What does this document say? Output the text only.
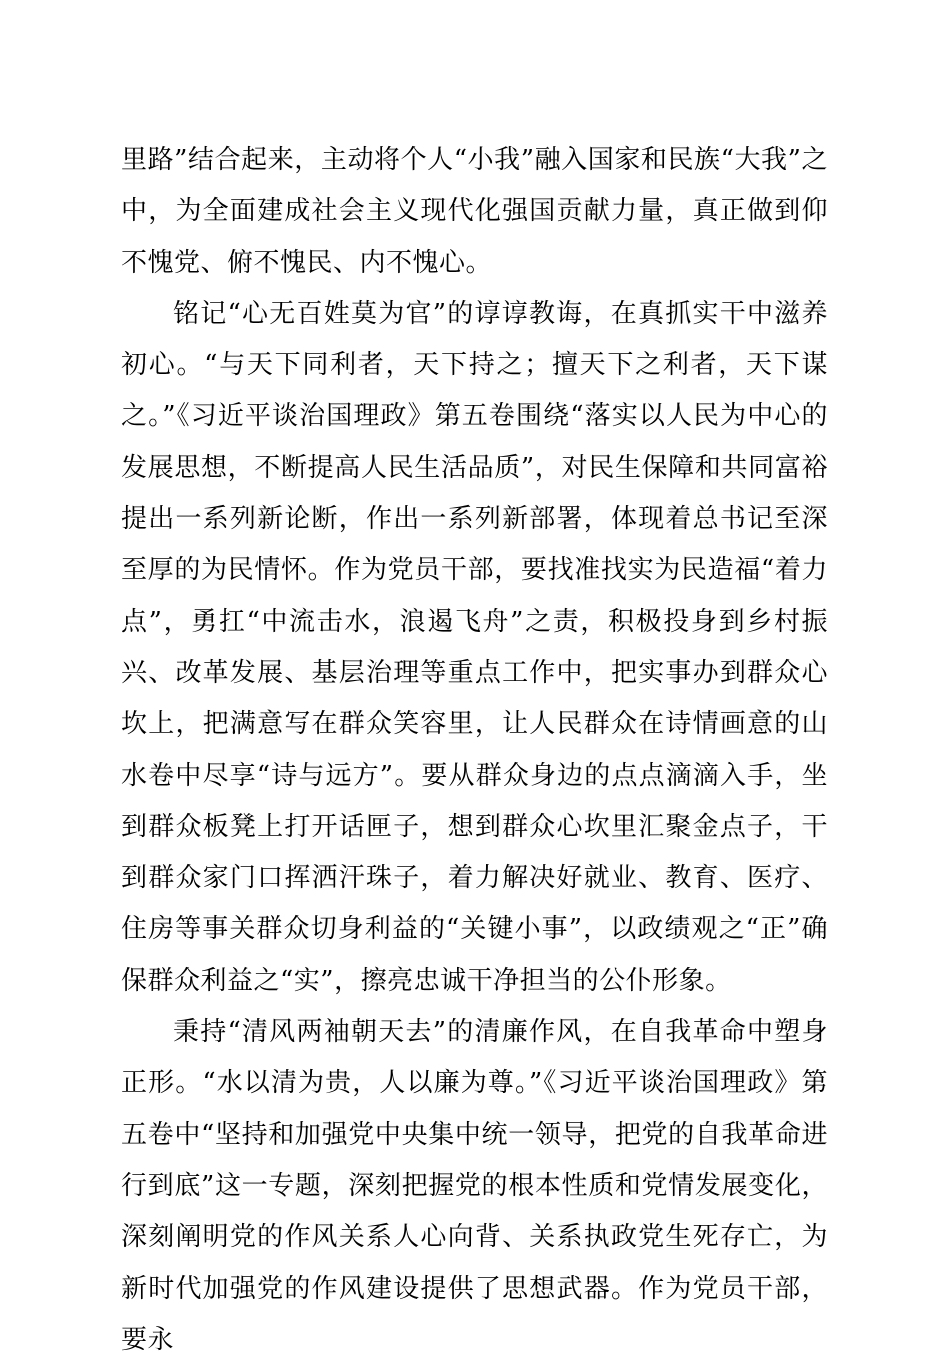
里路”结合起来，主动将个人“小我”融入国家和民族“大我”之中，为全面建成社会主义现代化强国贡献力量，真正做到仰不愧党、俯不愧民、内不愧心。

铭记“心无百姓莫为官”的谆谆教诲，在真抓实干中滋养初心。“与天下同利者，天下持之；擅天下之利者，天下谋之。”《习近平谈治国理政》第五卷围绕“落实以人民为中心的发展思想，不断提高人民生活品质”，对民生保障和共同富裕提出一系列新论断，作出一系列新部署，体现着总书记至深至厚的为民情怀。作为党员干部，要找准找实为民造福“着力点”，勇扛“中流击水，浪遏飞舟”之责，积极投身到乡村振兴、改革发展、基层治理等重点工作中，把实事办到群众心坎上，把满意写在群众笑容里，让人民群众在诗情画意的山水卷中尽享“诗与远方”。要从群众身边的点点滴滴入手，坐到群众板凳上打开话匣子，想到群众心坎里汇聚金点子，干到群众家门口挥洒汗珠子，着力解决好就业、教育、医疗、住房等事关群众切身利益的“关键小事”，以政绩观之“正”确保群众利益之“实”，擦亮忠诚干净担当的公仆形象。

秉持“清风两袖朝天去”的清廉作风，在自我革命中塑身正形。“水以清为贵，人以廉为尊。”《习近平谈治国理政》第五卷中“坚持和加强党中央集中统一领导，把党的自我革命进行到底”这一专题，深刻把握党的根本性质和党情发展变化，深刻阐明党的作风关系人心向背、关系执政党生死存亡，为新时代加强党的作风建设提供了思想武器。作为党员干部，要永
